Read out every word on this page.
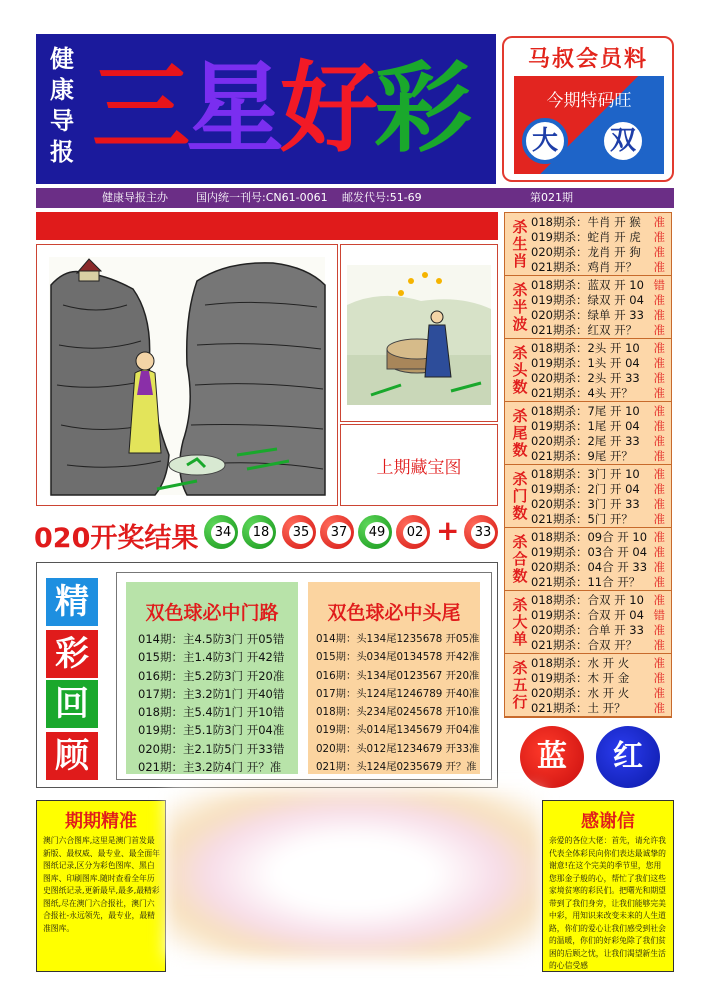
健
康
导
报 三 星 好 彩	马叔会员料
今期特码旺
大	双
健康导报主办	国内统一刊号:CN61-0061 邮发代号:51-69	第021期
上期藏宝图
020开奖结果 34 18 35 37 49 02	33
+
精
彩
回
顾
双色球必中门路
014期：主4.5防3门 开05错
015期：主1.4防3门 开42错
016期：主5.2防3门 开20准
017期：主3.2防1门 开40错
018期：主5.4防1门 开10错
019期：主5.1防3门 开04准
020期：主2.1防5门 开33错
021期：主3.2防4门 开？准
双色球必中头尾
014期：头134尾1235678 开05准
015期：头034尾0134578 开42准
016期：头134尾0123567 开20准
017期：头124尾1246789 开40准
018期：头234尾0245678 开10准
019期：头014尾1345679 开04准
020期：头012尾1234679 开33准
021期：头124尾0235679 开？准
杀
生
肖
018期杀：牛肖 开 猴 准
019期杀：蛇肖 开 虎 准
020期杀：龙肖 开 狗 准
021期杀：鸡肖 开？ 准
杀
半
波
018期杀：蓝双 开 10 错
019期杀：绿双 开 04 准
020期杀：绿单 开 33 准
021期杀：红双 开？ 准
杀
头
数
018期杀：2头 开 10 准
019期杀：1头 开 04 准
020期杀：2头 开 33 准
021期杀：4头 开？ 准
杀
尾
数
018期杀：7尾 开 10 准
019期杀：1尾 开 04 准
020期杀：2尾 开 33 准
021期杀：9尾 开？ 准
杀
门
数
018期杀：3门 开 10 准
019期杀：2门 开 04 准
020期杀：3门 开 33 准
021期杀：5门 开？ 准
杀
合
数
018期杀：09合 开 10 准
019期杀：03合 开 04 准
020期杀：04合 开 33 准
021期杀：11合 开？ 准
杀
大
单
018期杀：合双 开 10 准
019期杀：合双 开 04 错
020期杀：合单 开 33 准
021期杀：合双 开？ 准
杀
五
行
018期杀：水 开 火 准
019期杀：木 开 金 准
020期杀：水 开 火 准
021期杀：土 开？ 准
蓝	红
期期精准
澳门六合图库,这里是澳门首发最新版、最权威、最专业、最全面年图纸记录,区分为彩色图库、黑白图库、印刷图库.随时查看全年历史图纸记录,更新最早,最多,最精彩图纸,尽在澳门六合报社，澳门六合报社-永远领先，最专业，最精准图库。
感谢信
亲爱的各位大佬：首先，请允许我代表全体彩民向你们表达最诚挚的谢意!在这个完美的季节里，您用您那金子般的心，帮忙了我们这些家境贫寒的彩民们。把曙光和期望带到了我们身旁，让我们能够完美中彩，用知识来改变未来的人生道路，你们的爱心让我们感受到社会的温暖，你们的好彩兔除了我们贫困的后顾之忧，让我们渴望新生活的心信受感
